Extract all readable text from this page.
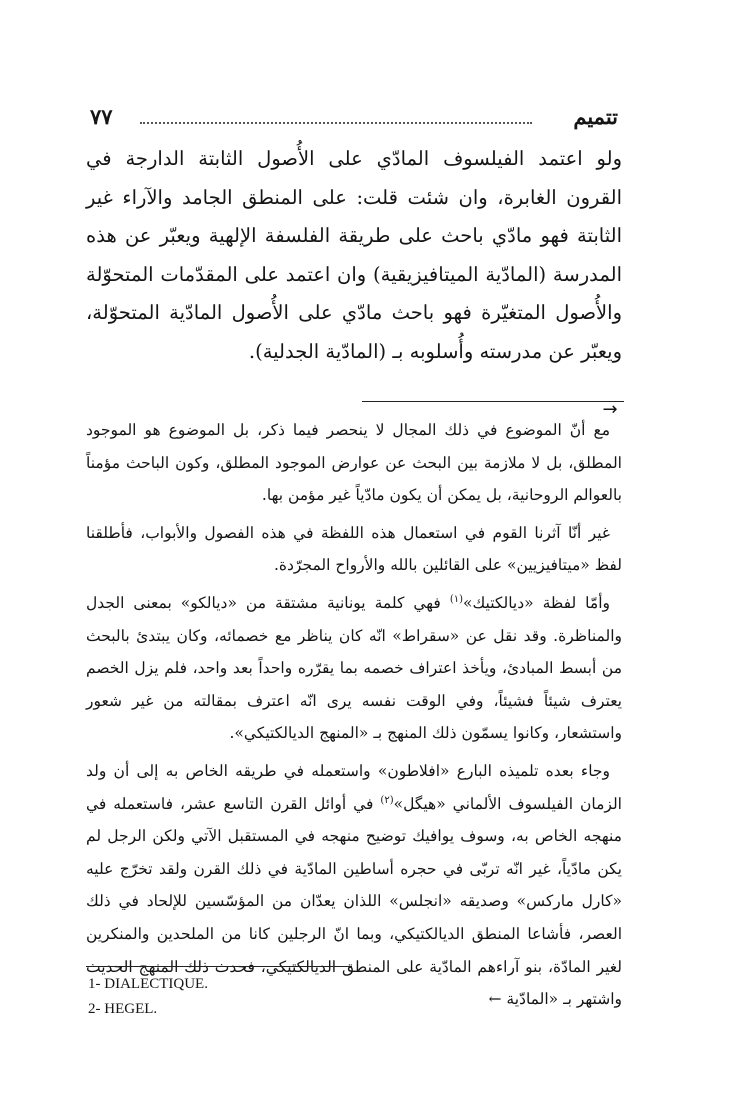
تتميم
٧٧

ولو اعتمد الفيلسوف المادّي على الأُصول الثابتة الدارجة في القرون الغابرة، وان شئت قلت: على المنطق الجامد والآراء غير الثابتة فهو مادّي باحث على طريقة الفلسفة الإلهية ويعبّر عن هذه المدرسة (المادّية الميتافيزيقية) وان اعتمد على المقدّمات المتحوّلة والأُصول المتغيّرة فهو باحث مادّي على الأُصول المادّية المتحوّلة، ويعبّر عن مدرسته وأُسلوبه بـ (المادّية الجدلية).

→

مع أنّ الموضوع في ذلك المجال لا ينحصر فيما ذكر، بل الموضوع هو الموجود المطلق، بل لا ملازمة بين البحث عن عوارض الموجود المطلق، وكون الباحث مؤمناً بالعوالم الروحانية، بل يمكن أن يكون مادّياً غير مؤمن بها.

غير أنّا آثرنا القوم في استعمال هذه اللفظة في هذه الفصول والأبواب، فأطلقنا لفظ «ميتافيزيين» على القائلين بالله والأرواح المجرّدة.

وأمّا لفظة «ديالكتيك»$^{(١)}$ فهي كلمة يونانية مشتقة من «ديالكو» بمعنى الجدل والمناظرة. وقد نقل عن «سقراط» انّه كان يناظر مع خصمائه، وكان يبتدئ بالبحث من أبسط المبادئ، ويأخذ اعتراف خصمه بما يقرّره واحداً بعد واحد، فلم يزل الخصم يعترف شيئاً فشيئاً، وفي الوقت نفسه يرى انّه اعترف بمقالته من غير شعور واستشعار، وكانوا يسمّون ذلك المنهج بـ «المنهج الديالكتيكي».

وجاء بعده تلميذه البارع «افلاطون» واستعمله في طريقه الخاص به إلى أن ولد الزمان الفيلسوف الألماني «هيگل»$^{(٢)}$ في أوائل القرن التاسع عشر، فاستعمله في منهجه الخاص به، وسوف يوافيك توضيح منهجه في المستقبل الآتي ولكن الرجل لم يكن مادّياً، غير انّه تربّى في حجره أساطين المادّية في ذلك القرن ولقد تخرّج عليه «كارل ماركس» وصديقه «انجلس» اللذان يعدّان من المؤسّسين للإلحاد في ذلك العصر، فأشاعا المنطق الديالكتيكي، وبما انّ الرجلين كانا من الملحدين والمنكرين لغير المادّة، بنو آراءهم المادّية على المنطق الديالكتيكي، فحدث ذلك المنهج الحديث واشتهر بـ «المادّية ←

1- DIALECTIQUE.
2- HEGEL.
